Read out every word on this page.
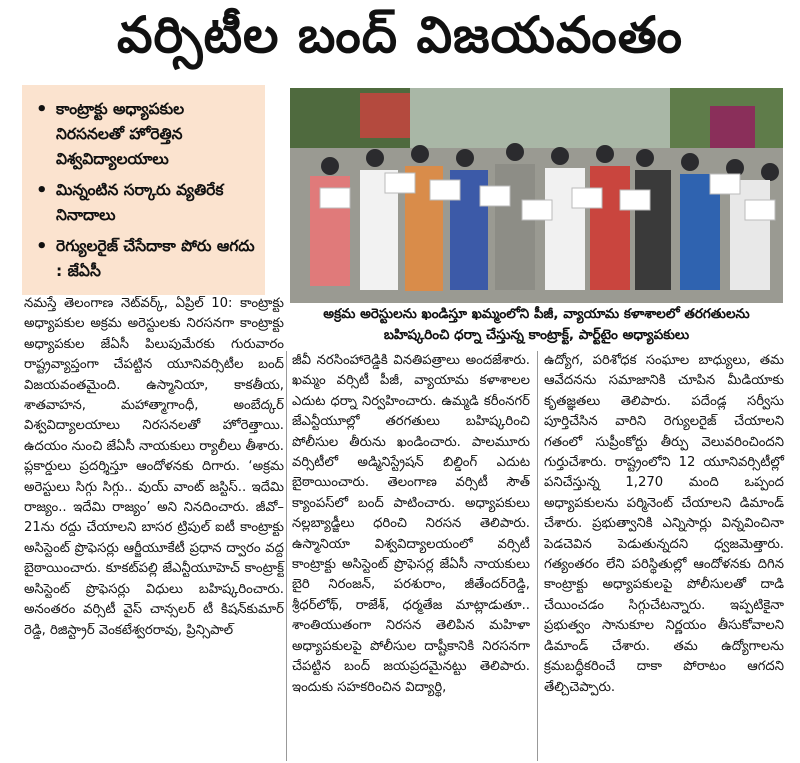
వర్సిటీల బంద్ విజయవంతం
• కాంట్రాక్టు అధ్యాపకుల నిరసనలతో హోరెత్తిన విశ్వవిద్యాలయాలు
• మిన్నంటిన సర్కారు వ్యతిరేక నినాదాలు
• రెగ్యులరైజ్ చేసేదాకా పోరు ఆగదు : జేఏసీ
అక్రమ అరెస్టులను ఖండిస్తూ ఖమ్మంలోని పీజీ, వ్యాయామ కళాశాలలో తరగతులను బహిష్కరించి ధర్నా చేస్తున్న కాంట్రాక్ట్, పార్ట్‌టైం అధ్యాపకులు

నమస్తే తెలంగాణ నెట్‌వర్క్, ఏప్రిల్ 10: కాంట్రాక్టు అధ్యాపకుల అక్రమ అరెస్టులకు నిరసనగా కాంట్రాక్టు అధ్యాపకుల జేఏసీ పిలుపుమేరకు గురువారం రాష్ట్రవ్యాప్తంగా చేపట్టిన యూనివర్సిటీల బంద్ విజయవంతమైంది. ఉస్మానియా, కాకతీయ, శాతవాహన, మహాత్మాగాంధీ, అంబేద్కర్ విశ్వవిద్యాలయాలు నిరసనలతో హోరెత్తాయి. ఉదయం నుంచి జేఏసీ నాయకులు ర్యాలీలు తీశారు. ప్లకార్డులు ప్రదర్శిస్తూ ఆందోళనకు దిగారు. ‘అక్రమ అరెస్టులు సిగ్గు సిగ్గు.. వుయ్ వాంట్ జస్టిస్.. ఇదేమి రాజ్యం.. ఇదేమి రాజ్యం’ అని నినదించారు. జీవో–21ను రద్దు చేయాలని బాసర ట్రిపుల్ ఐటీ కాంట్రాక్టు అసిస్టెంట్ ప్రొఫెసర్లు ఆర్జీయూకేటీ ప్రధాన ద్వారం వద్ద బైఠాయించారు. కూకట్‌పల్లి జేఎన్టీయూహెచ్ కాంట్రాక్ట్ అసిస్టెంట్ ప్రొఫెసర్లు విధులు బహిష్కరించారు. అనంతరం వర్సిటీ వైస్ చాన్సలర్ టీ కిషన్‌కుమార్ రెడ్డి, రిజిస్ట్రార్ వెంకటేశ్వరరావు, ప్రిన్సిపాల్

జీవీ నరసింహారెడ్డికి వినతిపత్రాలు అందజేశారు. ఖమ్మం వర్సిటీ పీజీ, వ్యాయామ కళాశాలల ఎదుట ధర్నా నిర్వహించారు. ఉమ్మడి కరీంనగర్ జేఎన్టీయూల్లో తరగతులు బహిష్కరించి పోలీసుల తీరును ఖండించారు. పాలమూరు వర్సిటీలో అడ్మినిస్ట్రేషన్ బిల్డింగ్ ఎదుట బైఠాయించారు. తెలంగాణ వర్సిటీ సౌత్ క్యాంపస్‌లో బంద్ పాటించారు. అధ్యాపకులు నల్లబ్యాడ్జీలు ధరించి నిరసన తెలిపారు. ఉస్మానియా విశ్వవిద్యాలయంలో వర్సిటీ కాంట్రాక్టు అసిస్టెంట్ ప్రొఫెసర్ల జేఏసీ నాయకులు బైరి నిరంజన్, పరశురాం, జీతేందర్‌రెడ్డి, శ్రీధర్‌లోథ్, రాజేశ్, ధర్మతేజ మాట్లాడుతూ.. శాంతియుతంగా నిరసన తెలిపిన మహిళా అధ్యాపకులపై పోలీసుల దాష్టీకానికి నిరసనగా చేపట్టిన బంద్ జయప్రదమైనట్టు తెలిపారు. ఇందుకు సహకరించిన విద్యార్థి,

ఉద్యోగ, పరిశోధక సంఘాల బాధ్యులు, తమ ఆవేదనను సమాజానికి చూపిన మీడియాకు కృతజ్ఞతలు తెలిపారు. పదేండ్ల సర్వీసు పూర్తిచేసిన వారిని రెగ్యులరైజ్ చేయాలని గతంలో సుప్రీంకోర్టు తీర్పు వెలువరించిందని గుర్తుచేశారు. రాష్ట్రంలోని 12 యూనివర్సిటీల్లో పనిచేస్తున్న 1,270 మంది ఒప్పంద అధ్యాపకులను పర్మినెంట్ చేయాలని డిమాండ్ చేశారు. ప్రభుత్వానికి ఎన్నిసార్లు విన్నవించినా పెడచెవిన పెడుతున్నదని ధ్వజమెత్తారు. గత్యంతరం లేని పరిస్థితుల్లో ఆందోళనకు దిగిన కాంట్రాక్టు అధ్యాపకులపై పోలీసులతో దాడి చేయించడం సిగ్గుచేటన్నారు. ఇప్పటికైనా ప్రభుత్వం సానుకూల నిర్ణయం తీసుకోవాలని డిమాండ్ చేశారు. తమ ఉద్యోగాలను క్రమబద్ధీకరించే దాకా పోరాటం ఆగదని తేల్చిచెప్పారు.
